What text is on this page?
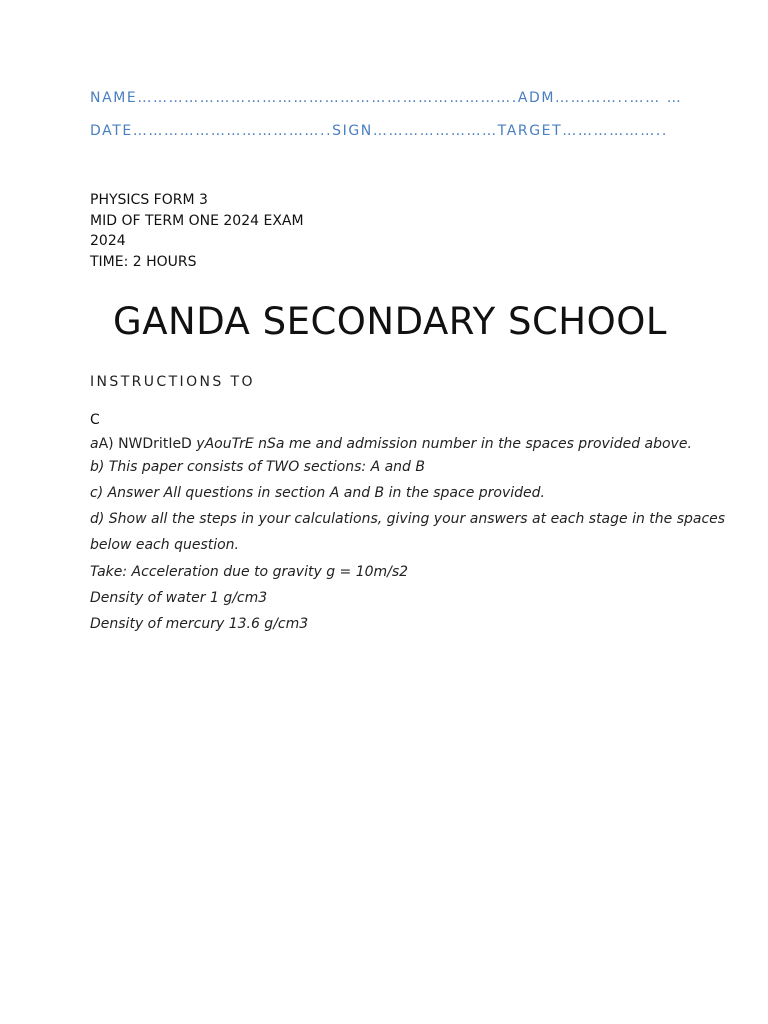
NAME……………………………………………………………….ADM…………..…… …
DATE………………………………..SIGN……………………TARGET………………..
PHYSICS FORM 3
MID OF TERM ONE 2024 EXAM
2024
TIME: 2 HOURS
GANDA SECONDARY SCHOOL
INSTRUCTIONS TO
C
aA) NWDritIeD yAouTrE nSa me and admission number in the spaces provided above.
b) This paper consists of TWO sections: A and B
c) Answer All questions in section A and B in the space provided.
d) Show all the steps in your calculations, giving your answers at each stage in the spaces
below each question.
Take: Acceleration due to gravity g = 10m/s2
Density of water 1 g/cm3
Density of mercury 13.6 g/cm3
